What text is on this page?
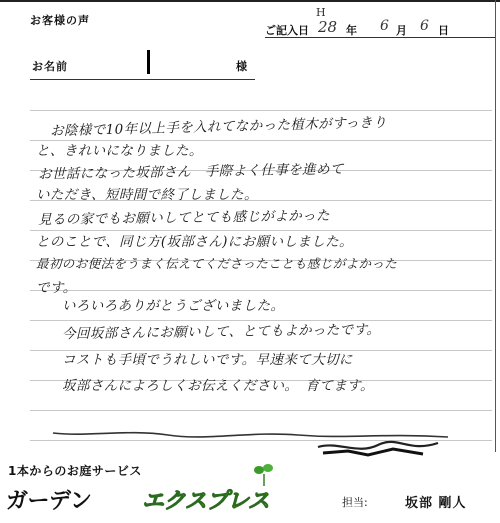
お客様の声
ご記入日
H
28 年 6 月 6 日
お名前	様
お陰様で10年以上手を入れてなかった植木がすっきり
と、きれいになりました。
お世話になった坂部さん　手際よく仕事を進めて
いただき、短時間で終了しました。
見るの家でもお願いしてとても感じがよかった
とのことで、同じ方(坂部さん)にお願いしました。
最初のお便法をうまく伝えてくださったことも感じがよかった
です。
いろいろありがとうございました。
今回坂部さんにお願いして、とてもよかったです。
コストも手頃でうれしいです。早速来て大切に
坂部さんによろしくお伝えください。　育てます。
1本からのお庭サービス
ガーデン エクスプレス	担当:	坂部 剛人
